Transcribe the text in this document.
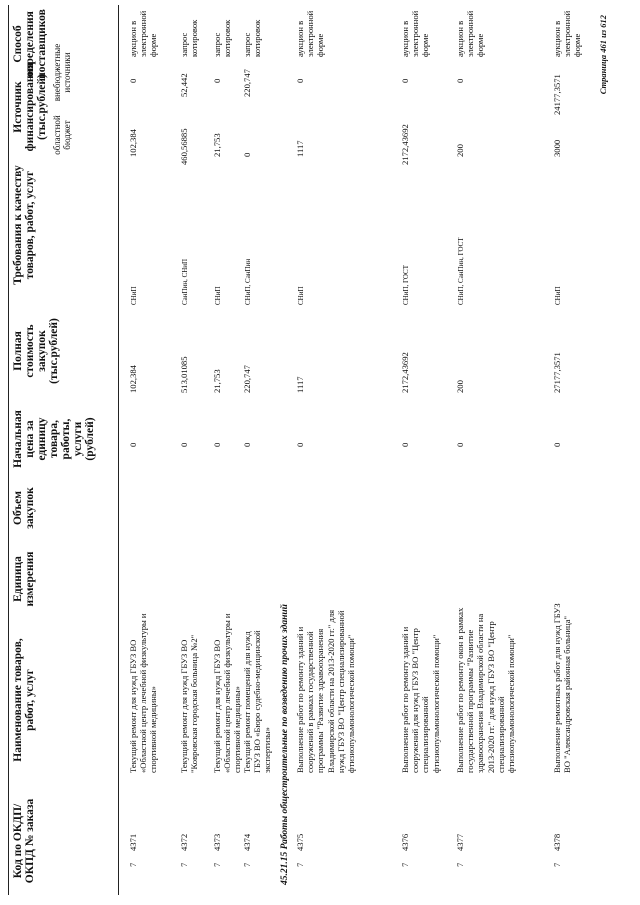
Код по ОКДП/ ОКПД № заказа
Наименование товаров, работ, услуг
Единица измерения
Объем закупок
Начальная цена за единицу товара, работы, услуги (рублей)
Полная стоимость закупок (тыс.рублей)
Требования к качеству товаров, работ, услуг
Источник финансирования (тыс.рублей) областной бюджет
внебюджетные источники
Способ определения поставщиков
7
4371
Текущий ремонт для нужд ГБУЗ ВО «Областной центр лечебной физкультуры и спортивной медицины»
0
102,384
СНиП
102,384
0
аукцион в электронной форме
7
4372
Текущий ремонт для нужд ГБУЗ ВО "Ковровская городская больница №2"
0
513,01085
СанПин, СНиП
460,56885
52,442
запрос котировок
7
4373
Текущий ремонт для нужд ГБУЗ ВО «Областной центр лечебной физкультуры и спортивной медицины»
0
21,753
СНиП
21,753
0
запрос котировок
7
4374
Текущий ремонт помещений для нужд ГБУЗ ВО «Бюро судебно-медицинской экспертизы»
0
220,747
СНиП, СанПин
0
220,747
запрос котировок
45.21.15 Работы общестроительные по возведению прочих зданий 7
4375
Выполнение работ по ремонту зданий и сооружений в рамках государственной программы "Развитие здравоохранения Владимирской области на 2013-2020 гг." для нужд ГБУЗ ВО "Центр специализированной фтизиопульмонологической помощи"
0
1117
СНиП
1117
0
аукцион в электронной форме
7
4376
Выполнение работ по ремонту зданий и сооружений для нужд ГБУЗ ВО "Центр специализированной фтизиопульмонологической помощи"
0
2172,43692
СНиП, ГОСТ
2172,43692
0
аукцион в электронной форме
7
4377
Выполнение работ по ремонту окон в рамках государственной программы "Развитие здравоохранения Владимирской области на 2013-2020 гг." для нужд ГБУЗ ВО "Центр специализированной фтизиопульмонологической помощи"
0
200
СНиП, СанПин, ГОСТ
200
0
аукцион в электронной форме
7
4378
Выполнение ремонтных работ для нужд ГБУЗ ВО "Александровская районная больница"
0
27177,3571
СНиП
3000
24177,3571
аукцион в электронной форме Страница 461 из 612
